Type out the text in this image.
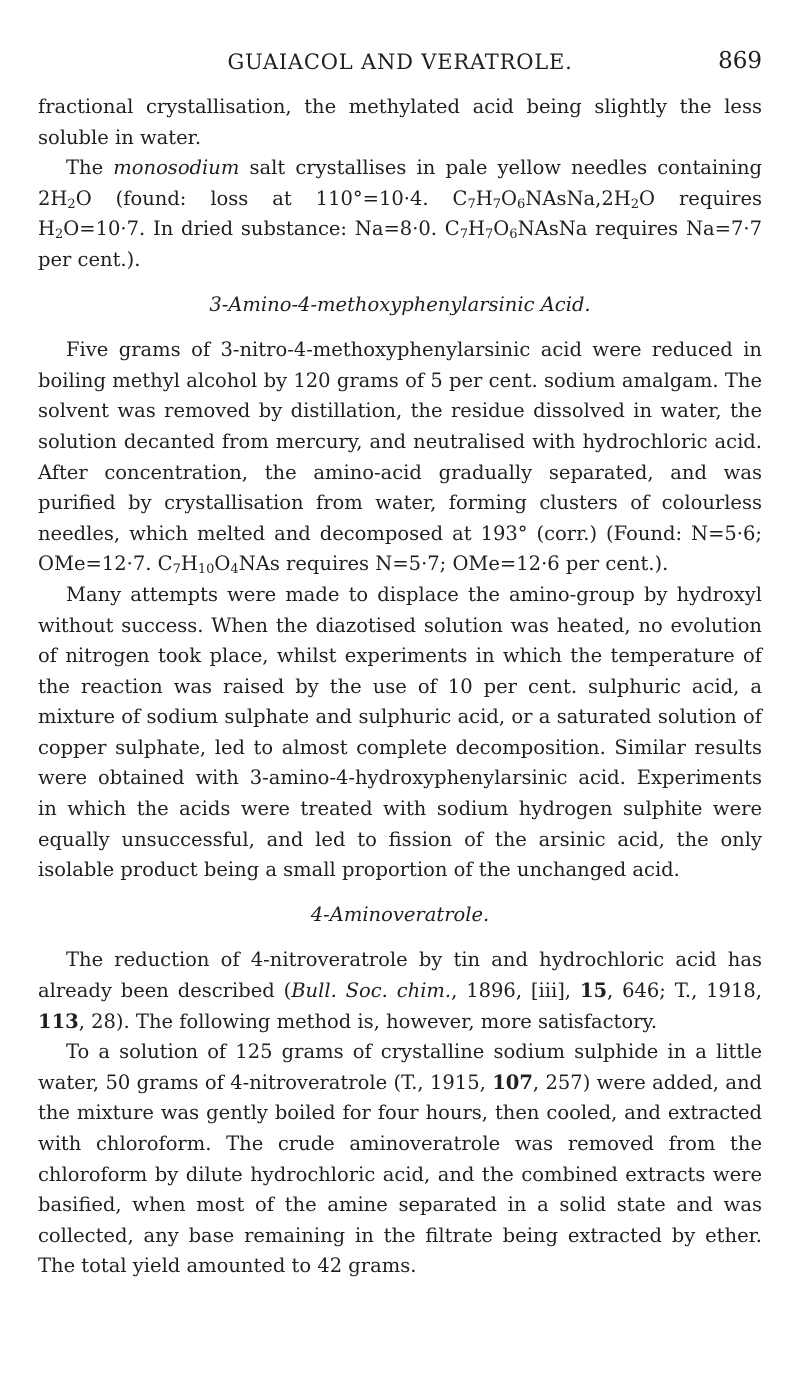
GUAIACOL AND VERATROLE.	869

fractional crystallisation, the methylated acid being slightly the less soluble in water.

The monosodium salt crystallises in pale yellow needles containing $2H_2O$ (found: loss at 110°=10·4. $C_7H_7O_6NAsNa,2H_2O$ requires $H_2O=10\cdot 7$. In dried substance: Na=8·0. $C_7H_7O_6NAsNa$ requires Na=7·7 per cent.).

3-Amino-4-methoxyphenylarsinic Acid.

Five grams of 3-nitro-4-methoxyphenylarsinic acid were reduced in boiling methyl alcohol by 120 grams of 5 per cent. sodium amalgam. The solvent was removed by distillation, the residue dissolved in water, the solution decanted from mercury, and neutralised with hydrochloric acid. After concentration, the amino-acid gradually separated, and was purified by crystallisation from water, forming clusters of colourless needles, which melted and decomposed at 193° (corr.) (Found: N=5·6; OMe=12·7. $C_7H_{10}O_4NAs$ requires N=5·7; OMe=12·6 per cent.).

Many attempts were made to displace the amino-group by hydroxyl without success. When the diazotised solution was heated, no evolution of nitrogen took place, whilst experiments in which the temperature of the reaction was raised by the use of 10 per cent. sulphuric acid, a mixture of sodium sulphate and sulphuric acid, or a saturated solution of copper sulphate, led to almost complete decomposition. Similar results were obtained with 3-amino-4-hydroxyphenylarsinic acid. Experiments in which the acids were treated with sodium hydrogen sulphite were equally unsuccessful, and led to fission of the arsinic acid, the only isolable product being a small proportion of the unchanged acid.

4-Aminoveratrole.

The reduction of 4-nitroveratrole by tin and hydrochloric acid has already been described (Bull. Soc. chim., 1896, [iii], 15, 646; T., 1918, 113, 28). The following method is, however, more satisfactory.

To a solution of 125 grams of crystalline sodium sulphide in a little water, 50 grams of 4-nitroveratrole (T., 1915, 107, 257) were added, and the mixture was gently boiled for four hours, then cooled, and extracted with chloroform. The crude aminoveratrole was removed from the chloroform by dilute hydrochloric acid, and the combined extracts were basified, when most of the amine separated in a solid state and was collected, any base remaining in the filtrate being extracted by ether. The total yield amounted to 42 grams.
